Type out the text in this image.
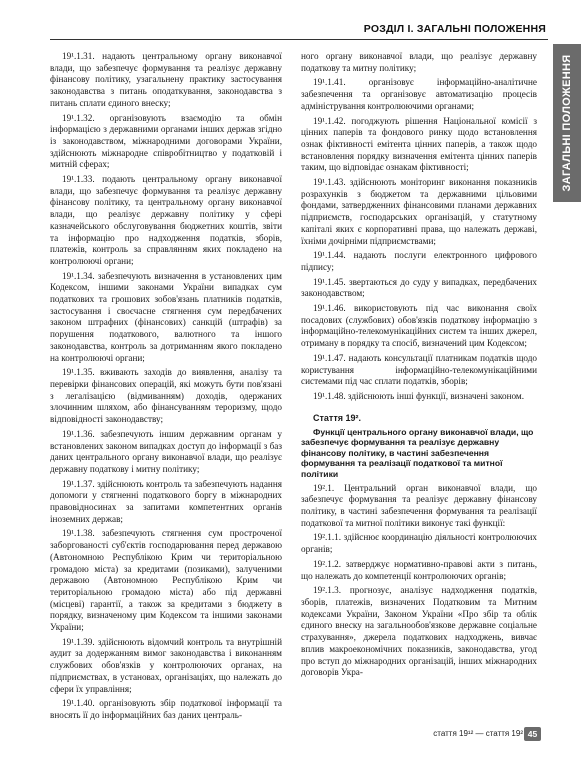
РОЗДІЛ І. ЗАГАЛЬНІ ПОЛОЖЕННЯ
ЗАГАЛЬНІ ПОЛОЖЕННЯ

19¹.1.31. надають центральному органу виконавчої влади, що забезпечує формування та реалізує державну фінансову політику, узагальнену практику застосування законодавства з питань оподаткування, законодавства з питань сплати єдиного внеску;

19¹.1.32. організовують взаємодію та обмін інформацією з державними органами інших держав згідно із законодавством, міжнародними договорами України, здійснюють міжнародне співробітництво у податковій і митній сферах;

19¹.1.33. подають центральному органу виконавчої влади, що забезпечує формування та реалізує державну фінансову політику, та центральному органу виконавчої влади, що реалізує державну політику у сфері казначейського обслуговування бюджетних коштів, звіти та інформацію про надходження податків, зборів, платежів, контроль за справлянням яких покладено на контролюючі органи;

19¹.1.34. забезпечують визначення в установлених цим Кодексом, іншими законами України випадках сум податкових та грошових зобов'язань платників податків, застосування і своєчасне стягнення сум передбачених законом штрафних (фінансових) санкцій (штрафів) за порушення податкового, валютного та іншого законодавства, контроль за дотриманням якого покладено на контролюючі органи;

19¹.1.35. вживають заходів до виявлення, аналізу та перевірки фінансових операцій, які можуть бути пов'язані з легалізацією (відмиванням) доходів, одержаних злочинним шляхом, або фінансуванням тероризму, щодо відповідності законодавству;

19¹.1.36. забезпечують іншим державним органам у встановлених законом випадках доступ до інформації з баз даних центрального органу виконавчої влади, що реалізує державну податкову і митну політику;

19¹.1.37. здійснюють контроль та забезпечують надання допомоги у стягненні податкового боргу в міжнародних правовідносинах за запитами компетентних органів іноземних держав;

19¹.1.38. забезпечують стягнення сум простроченої заборгованості суб'єктів господарювання перед державою (Автономною Республікою Крим чи територіальною громадою міста) за кредитами (позиками), залученими державою (Автономною Республікою Крим чи територіальною громадою міста) або під державні (місцеві) гарантії, а також за кредитами з бюджету в порядку, визначеному цим Кодексом та іншими законами України;

19¹.1.39. здійснюють відомчий контроль та внутрішній аудит за додержанням вимог законодавства і виконанням службових обов'язків у контролюючих органах, на підприємствах, в установах, організаціях, що належать до сфери їх управління;

19¹.1.40. організовують збір податкової інформації та вносять її до інформаційних баз даних централь-

ного органу виконавчої влади, що реалізує державну податкову та митну політику;

19¹.1.41. організовує інформаційно-аналітичне забезпечення та організовує автоматизацію процесів адміністрування контролюючими органами;

19¹.1.42. погоджують рішення Національної комісії з цінних паперів та фондового ринку щодо встановлення ознак фіктивності емітента цінних паперів, а також щодо встановлення порядку визначення емітента цінних паперів таким, що відповідає ознакам фіктивності;

19¹.1.43. здійснюють моніторинг виконання показників розрахунків з бюджетом та державними цільовими фондами, затвердженних фінансовими планами державних підприємств, господарських організацій, у статутному капіталі яких є корпоративні права, що належать державі, їхніми дочірніми підприємствами;

19¹.1.44. надають послуги електронного цифрового підпису;

19¹.1.45. звертаються до суду у випадках, передбачених законодавством;

19¹.1.46. використовують під час виконання своїх посадових (службових) обов'язків податкову інформацію з інформаційно-телекомунікаційних систем та інших джерел, отриману в порядку та спосіб, визначений цим Кодексом;

19¹.1.47. надають консультації платникам податків щодо користування інформаційно-телекомунікаційними системами під час сплати податків, зборів;

19¹.1.48. здійснюють інші функції, визначені законом.

Стаття 19².

Функції центрального органу виконавчої влади, що забезпечує формування та реалізує державну фінансову політику, в частині забезпечення формування та реалізації податкової та митної політики

19².1. Центральний орган виконавчої влади, що забезпечує формування та реалізує державну фінансову політику, в частині забезпечення формування та реалізації податкової та митної політики виконує такі функції:

19².1.1. здійснює координацію діяльності контролюючих органів;

19².1.2. затверджує нормативно-правові акти з питань, що належать до компетенції контролюючих органів;

19².1.3. прогнозує, аналізує надходження податків, зборів, платежів, визначених Податковим та Митним кодексами України, Законом України «Про збір та облік єдиного внеску на загальнообов'язкове державне соціальне страхування», джерела податкових надходжень, вивчає вплив макроекономічних показників, законодавства, угод про вступ до міжнародних організацій, інших міжнародних договорів Укра-

стаття 19¹² — стаття 19² 45
